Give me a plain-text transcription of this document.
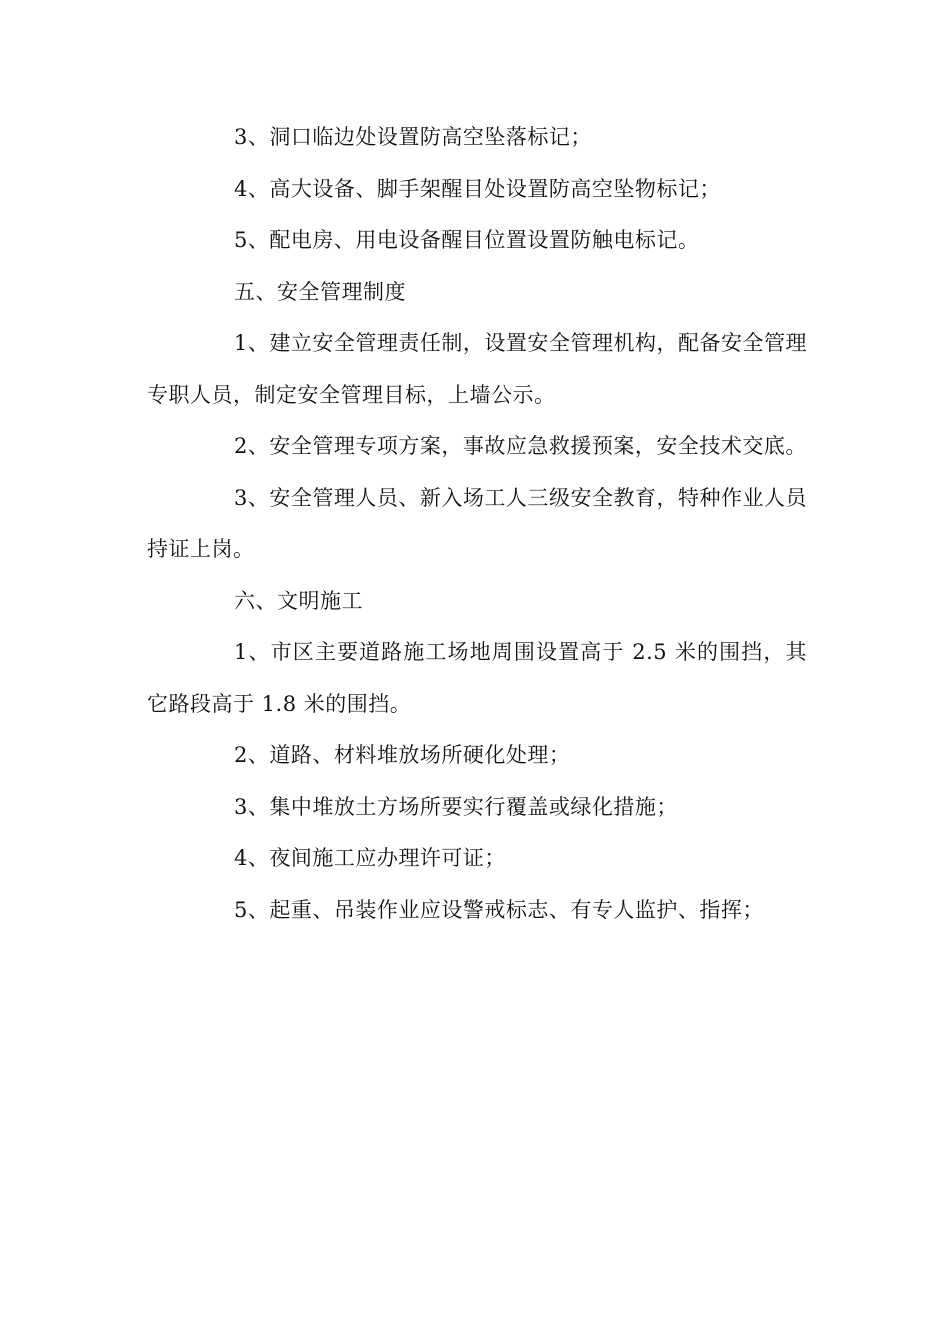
3、洞口临边处设置防高空坠落标记；

4、高大设备、脚手架醒目处设置防高空坠物标记；

5、配电房、用电设备醒目位置设置防触电标记。

五、安全管理制度

1、建立安全管理责任制，设置安全管理机构，配备安全管理专职人员，制定安全管理目标，上墙公示。

2、安全管理专项方案，事故应急救援预案，安全技术交底。

3、安全管理人员、新入场工人三级安全教育，特种作业人员持证上岗。

六、文明施工

1、市区主要道路施工场地周围设置高于 2.5 米的围挡，其它路段高于 1.8 米的围挡。

2、道路、材料堆放场所硬化处理；

3、集中堆放土方场所要实行覆盖或绿化措施；

4、夜间施工应办理许可证；

5、起重、吊装作业应设警戒标志、有专人监护、指挥；
